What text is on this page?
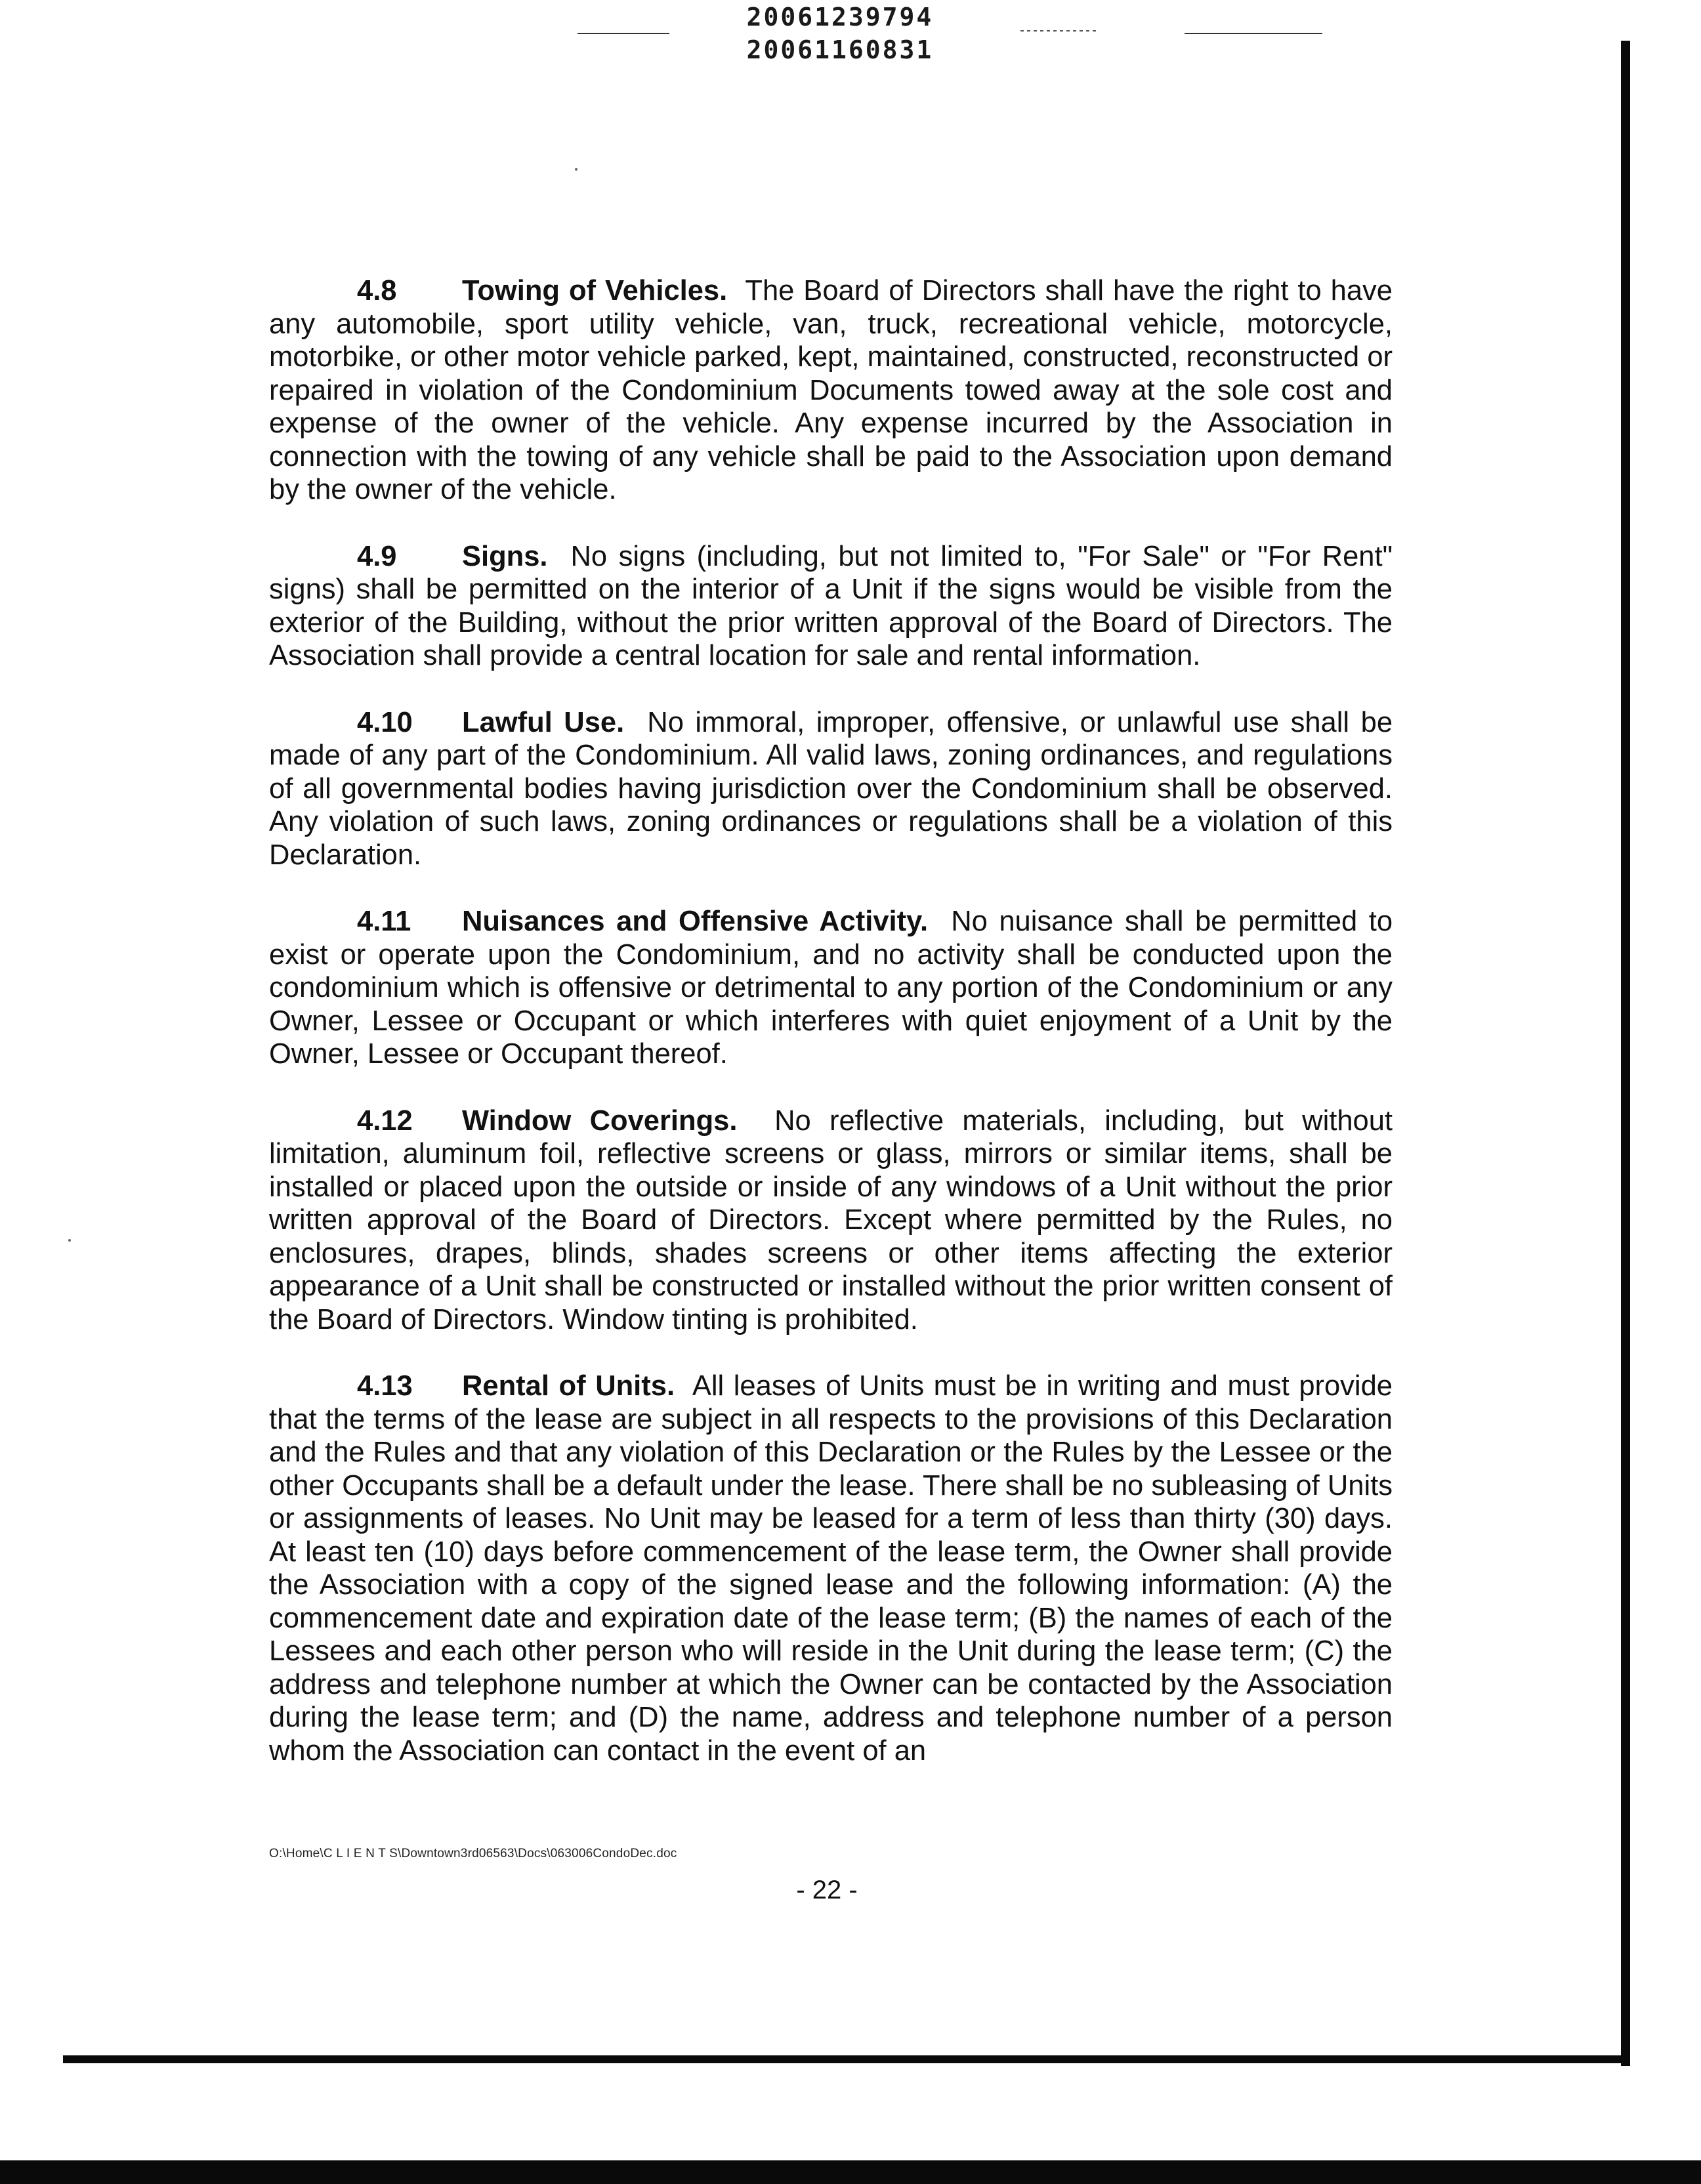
20061239794
20061160831

4.8 Towing of Vehicles. The Board of Directors shall have the right to have any automobile, sport utility vehicle, van, truck, recreational vehicle, motorcycle, motorbike, or other motor vehicle parked, kept, maintained, constructed, reconstructed or repaired in violation of the Condominium Documents towed away at the sole cost and expense of the owner of the vehicle. Any expense incurred by the Association in connection with the towing of any vehicle shall be paid to the Association upon demand by the owner of the vehicle.

4.9 Signs. No signs (including, but not limited to, "For Sale" or "For Rent" signs) shall be permitted on the interior of a Unit if the signs would be visible from the exterior of the Building, without the prior written approval of the Board of Directors. The Association shall provide a central location for sale and rental information.

4.10 Lawful Use. No immoral, improper, offensive, or unlawful use shall be made of any part of the Condominium. All valid laws, zoning ordinances, and regulations of all governmental bodies having jurisdiction over the Condominium shall be observed. Any violation of such laws, zoning ordinances or regulations shall be a violation of this Declaration.

4.11 Nuisances and Offensive Activity. No nuisance shall be permitted to exist or operate upon the Condominium, and no activity shall be conducted upon the condominium which is offensive or detrimental to any portion of the Condominium or any Owner, Lessee or Occupant or which interferes with quiet enjoyment of a Unit by the Owner, Lessee or Occupant thereof.

4.12 Window Coverings. No reflective materials, including, but without limitation, aluminum foil, reflective screens or glass, mirrors or similar items, shall be installed or placed upon the outside or inside of any windows of a Unit without the prior written approval of the Board of Directors. Except where permitted by the Rules, no enclosures, drapes, blinds, shades screens or other items affecting the exterior appearance of a Unit shall be constructed or installed without the prior written consent of the Board of Directors. Window tinting is prohibited.

4.13 Rental of Units. All leases of Units must be in writing and must provide that the terms of the lease are subject in all respects to the provisions of this Declaration and the Rules and that any violation of this Declaration or the Rules by the Lessee or the other Occupants shall be a default under the lease. There shall be no subleasing of Units or assignments of leases. No Unit may be leased for a term of less than thirty (30) days. At least ten (10) days before commencement of the lease term, the Owner shall provide the Association with a copy of the signed lease and the following information: (A) the commencement date and expiration date of the lease term; (B) the names of each of the Lessees and each other person who will reside in the Unit during the lease term; (C) the address and telephone number at which the Owner can be contacted by the Association during the lease term; and (D) the name, address and telephone number of a person whom the Association can contact in the event of an

O:\Home\C L I E N T S\Downtown3rd06563\Docs\063006CondoDec.doc
- 22 -
